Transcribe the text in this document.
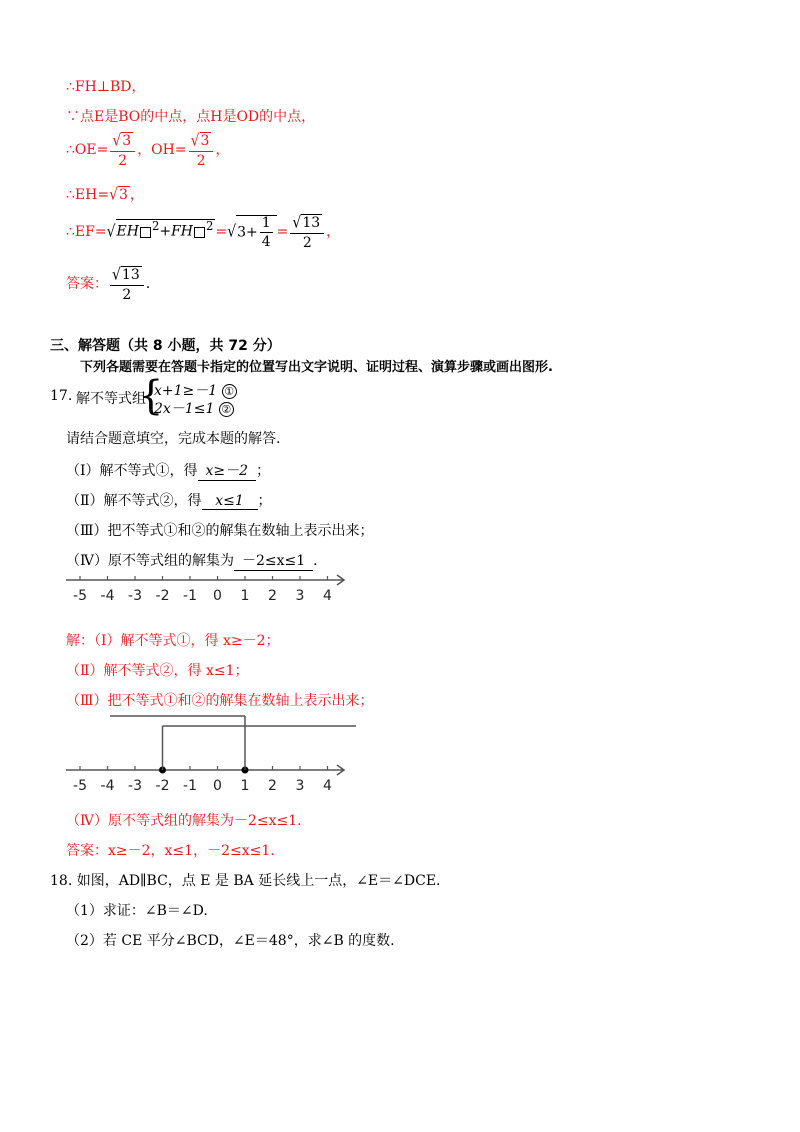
∴FH⊥BD，
∵点E是BO的中点，点H是OD的中点，
∴OE= $\frac{√3}{2}$ ，$OH= \frac{√3}{2}$ ，
∴EH=√3 ，
∴EF=√EH $^2$+FH $^2 =√3+ \frac{1}{4} = \frac{√13}{2}$ ，
答案： $\frac{√13}{2}$ .
三、解答题（共 8 小题，共 72 分）
下列各题需要在答题卡指定的位置写出文字说明、证明过程、演算步骤或画出图形.
17. 解不等式组
{
x+1≥－1 ①
2x－1≤1 ②
请结合题意填空，完成本题的解答.
（Ⅰ）解不等式①，得 x≥－2 ；
（Ⅱ）解不等式②，得 x≤1 ；
（Ⅲ）把不等式①和②的解集在数轴上表示出来；
（Ⅳ）原不等式组的解集为 －2≤x≤1 .
-5 -4 -3 -2 -1 0 1 2 3 4
解：（Ⅰ）解不等式①，得 x≥－2；
（Ⅱ）解不等式②，得 x≤1；
（Ⅲ）把不等式①和②的解集在数轴上表示出来；
-5 -4 -3 -2 -1 0 1 2 3 4
（Ⅳ）原不等式组的解集为－2≤x≤1.
答案：x≥－2，x≤1，－2≤x≤1.
18. 如图，AD∥BC，点 E 是 BA 延长线上一点，∠E＝∠DCE.
（1）求证：∠B＝∠D.
（2）若 CE 平分∠BCD，∠E＝48°，求∠B 的度数.
